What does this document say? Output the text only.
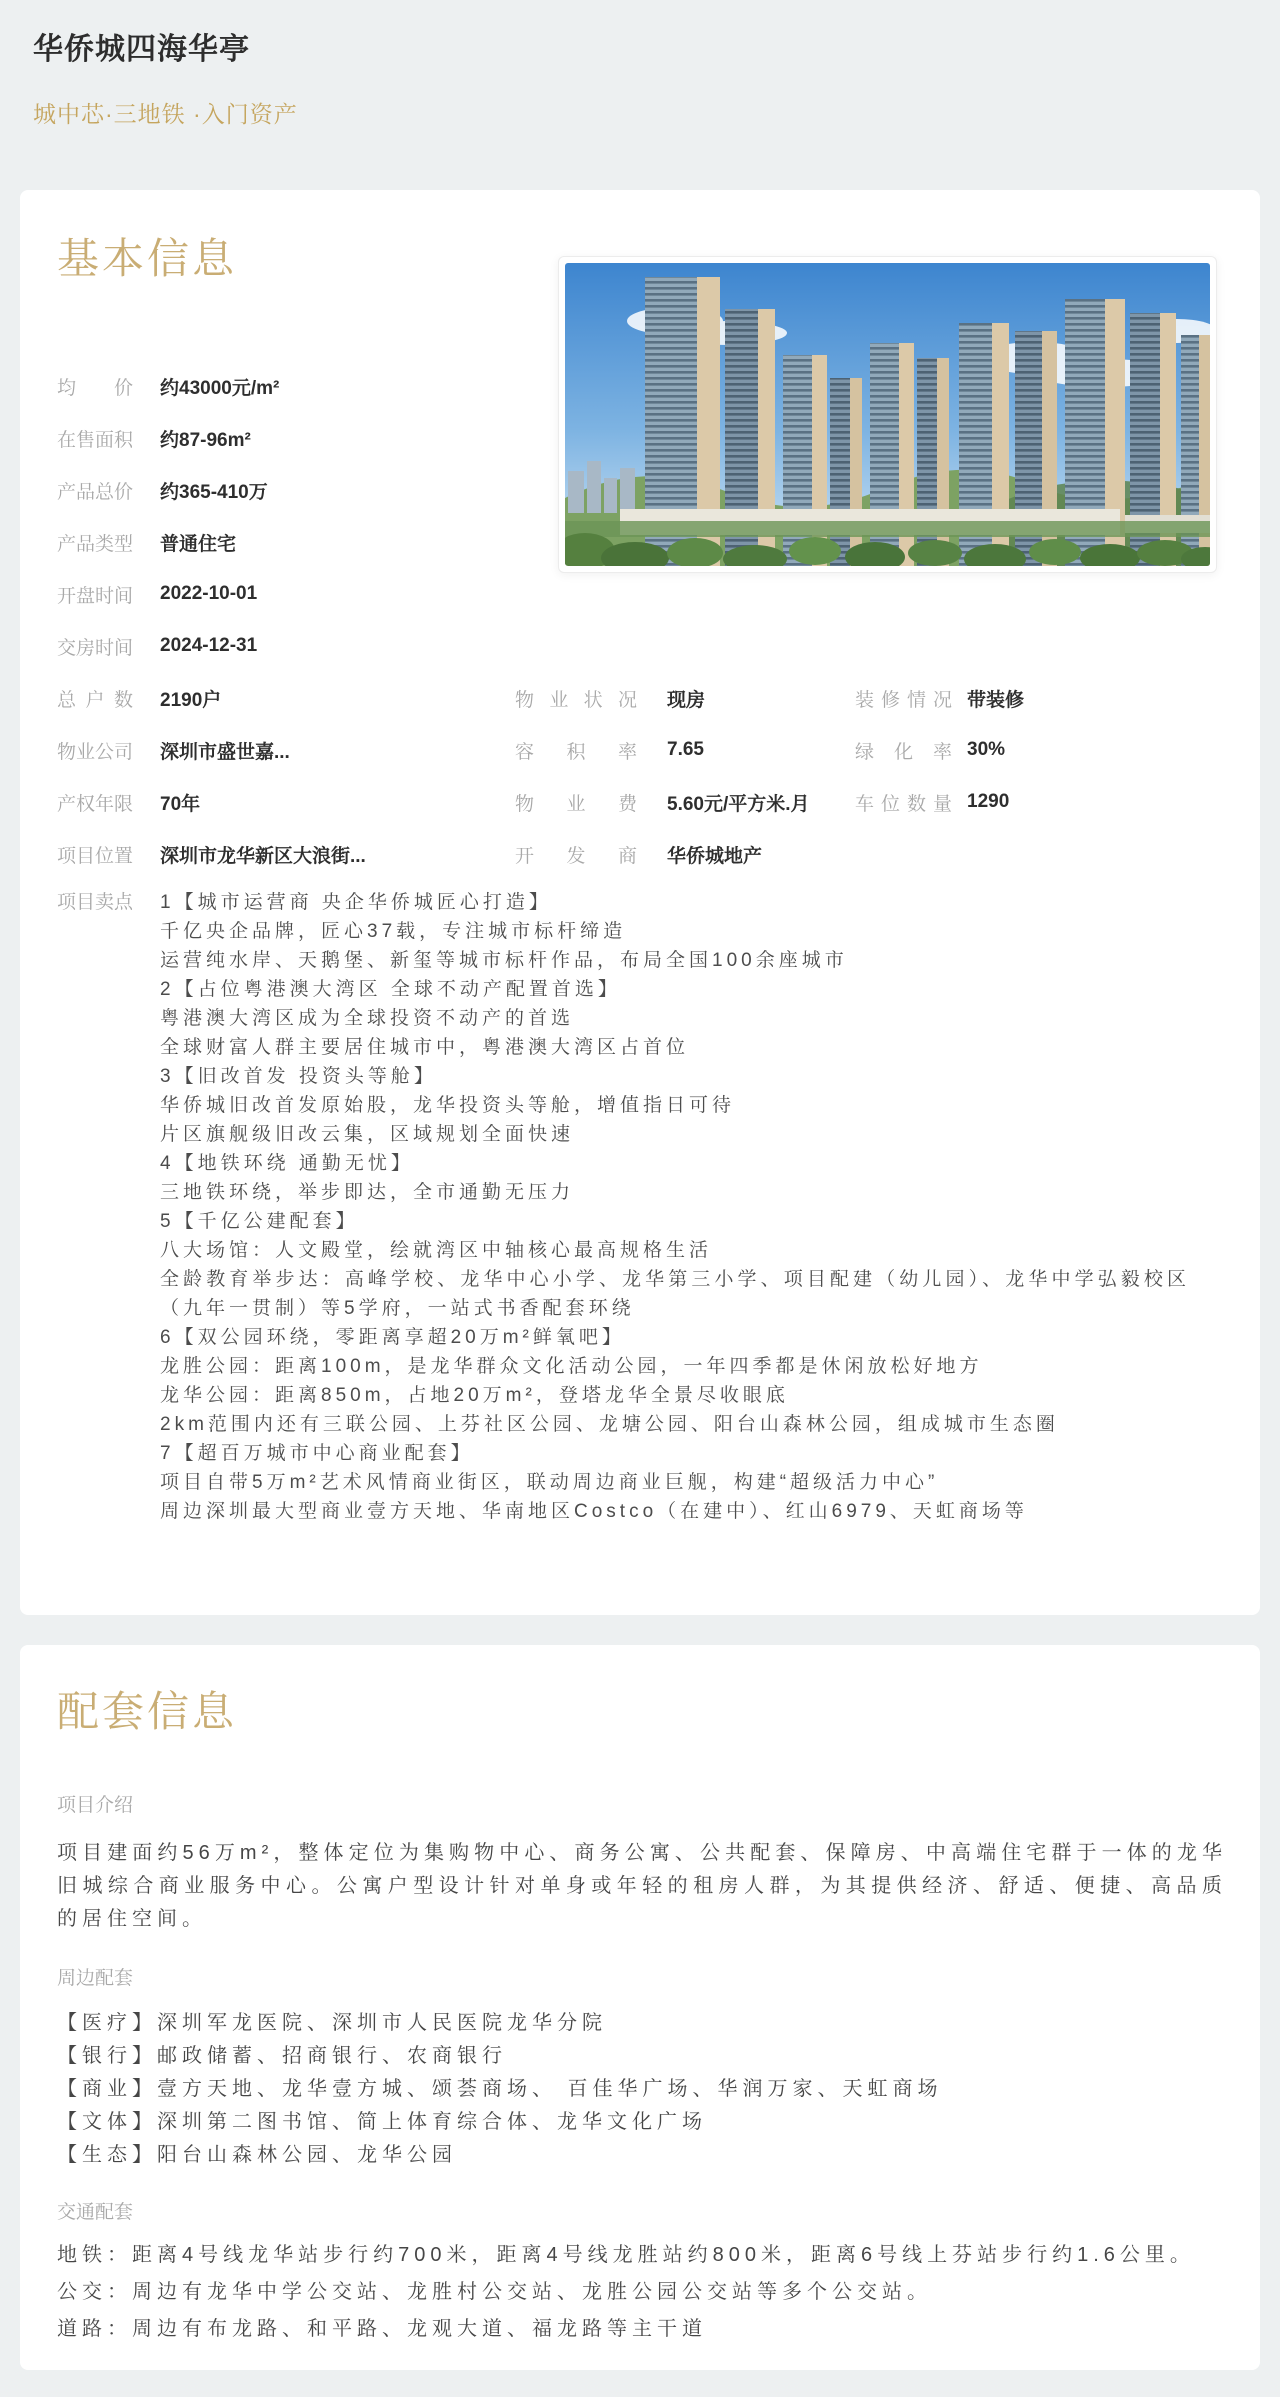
华侨城四海华亭
城中芯·三地铁 ·入门资产
基本信息
均价 约43000元/m²
在售面积 约87-96m²
产品总价 约365-410万
产品类型 普通住宅
开盘时间 2022-10-01
交房时间 2024-12-31
总户数 2190户
物业公司 深圳市盛世嘉...
产权年限 70年
项目位置 深圳市龙华新区大浪街...
物业状况 现房
容积率 7.65
物业费 5.60元/平方米.月
开发商 华侨城地产
装修情况 带装修
绿化率 30%
车位数量 1290
项目卖点 1【城市运营商 央企华侨城匠心打造】
千亿央企品牌，匠心37载，专注城市标杆缔造
运营纯水岸、天鹅堡、新玺等城市标杆作品，布局全国100余座城市
2【占位粤港澳大湾区 全球不动产配置首选】
粤港澳大湾区成为全球投资不动产的首选
全球财富人群主要居住城市中，粤港澳大湾区占首位
3【旧改首发 投资头等舱】
华侨城旧改首发原始股，龙华投资头等舱，增值指日可待
片区旗舰级旧改云集，区域规划全面快速
4【地铁环绕 通勤无忧】
三地铁环绕，举步即达，全市通勤无压力
5【千亿公建配套】
八大场馆：人文殿堂，绘就湾区中轴核心最高规格生活
全龄教育举步达：高峰学校、龙华中心小学、龙华第三小学、项目配建（幼儿园）、龙华中学弘毅校区（九年一贯制）等5学府，一站式书香配套环绕
6【双公园环绕，零距离享超20万m²鲜氧吧】
龙胜公园：距离100m，是龙华群众文化活动公园，一年四季都是休闲放松好地方
龙华公园：距离850m，占地20万m²，登塔龙华全景尽收眼底
2km范围内还有三联公园、上芬社区公园、龙塘公园、阳台山森林公园，组成城市生态圈
7【超百万城市中心商业配套】
项目自带5万m²艺术风情商业街区，联动周边商业巨舰，构建“超级活力中心”
周边深圳最大型商业壹方天地、华南地区Costco（在建中）、红山6979、天虹商场等
配套信息
项目介绍
项目建面约56万m²，整体定位为集购物中心、商务公寓、公共配套、保障房、中高端住宅群于一体的龙华旧城综合商业服务中心。公寓户型设计针对单身或年轻的租房人群，为其提供经济、舒适、便捷、高品质的居住空间。
周边配套
【医疗】深圳军龙医院、深圳市人民医院龙华分院
【银行】邮政储蓄、招商银行、农商银行
【商业】壹方天地、龙华壹方城、颂荟商场、 百佳华广场、华润万家、天虹商场
【文体】深圳第二图书馆、简上体育综合体、龙华文化广场
【生态】阳台山森林公园、龙华公园
交通配套
地铁：距离4号线龙华站步行约700米，距离4号线龙胜站约800米，距离6号线上芬站步行约1.6公里。
公交：周边有龙华中学公交站、龙胜村公交站、龙胜公园公交站等多个公交站。
道路：周边有布龙路、和平路、龙观大道、福龙路等主干道
